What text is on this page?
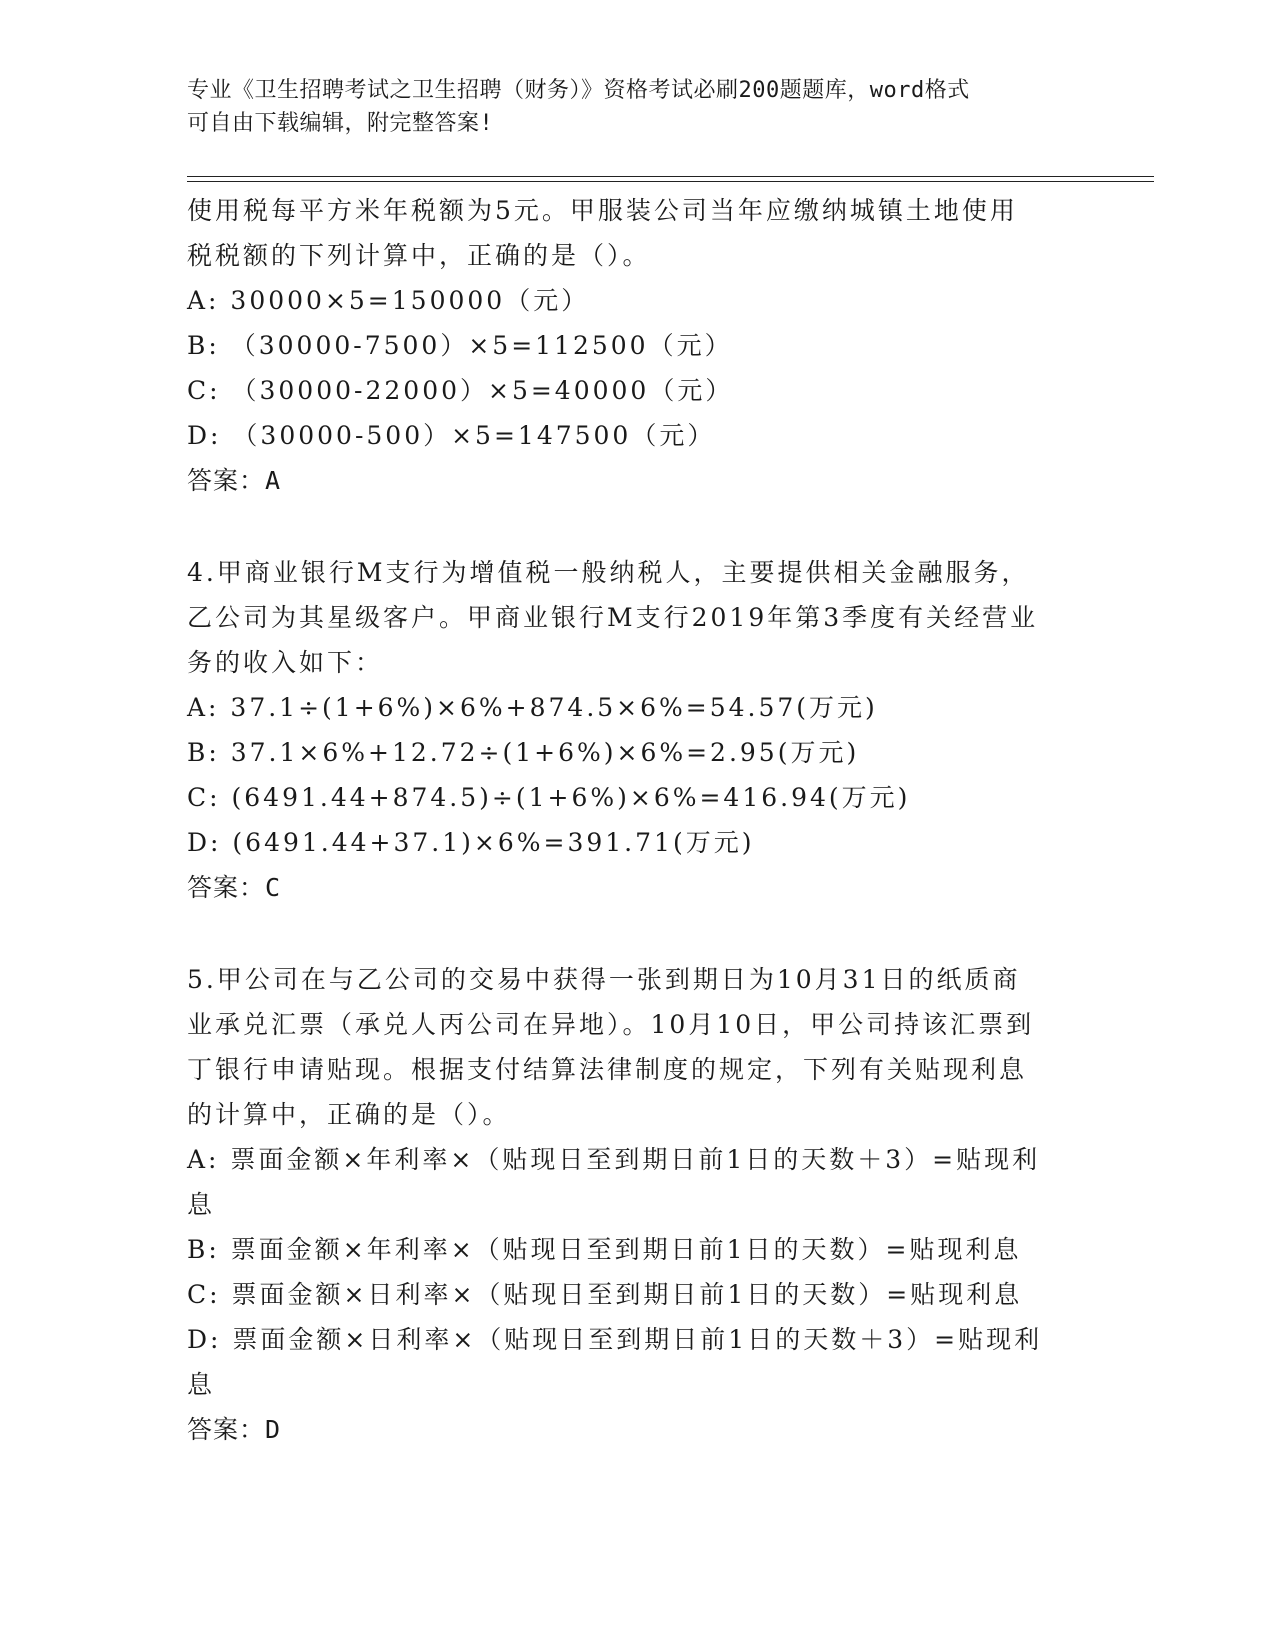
专业《卫生招聘考试之卫生招聘（财务）》资格考试必刷200题题库，word格式
可自由下载编辑，附完整答案!
使用税每平方米年税额为5元。甲服装公司当年应缴纳城镇土地使用
税税额的下列计算中，正确的是（）。
A: 30000×5=150000（元）
B: （30000-7500）×5=112500（元）
C: （30000-22000）×5=40000（元）
D: （30000-500）×5=147500（元）
答案：A
4.甲商业银行M支行为增值税一般纳税人，主要提供相关金融服务，
乙公司为其星级客户。甲商业银行M支行2019年第3季度有关经营业
务的收入如下：
A: 37.1÷(1+6%)×6%+874.5×6%=54.57(万元)
B: 37.1×6%+12.72÷(1+6%)×6%=2.95(万元)
C: (6491.44+874.5)÷(1+6%)×6%=416.94(万元)
D: (6491.44+37.1)×6%=391.71(万元)
答案：C
5.甲公司在与乙公司的交易中获得一张到期日为10月31日的纸质商
业承兑汇票（承兑人丙公司在异地）。10月10日，甲公司持该汇票到
丁银行申请贴现。根据支付结算法律制度的规定，下列有关贴现利息
的计算中，正确的是（）。
A: 票面金额×年利率×（贴现日至到期日前1日的天数＋3）=贴现利
息
B: 票面金额×年利率×（贴现日至到期日前1日的天数）=贴现利息
C: 票面金额×日利率×（贴现日至到期日前1日的天数）=贴现利息
D: 票面金额×日利率×（贴现日至到期日前1日的天数＋3）=贴现利
息
答案：D
